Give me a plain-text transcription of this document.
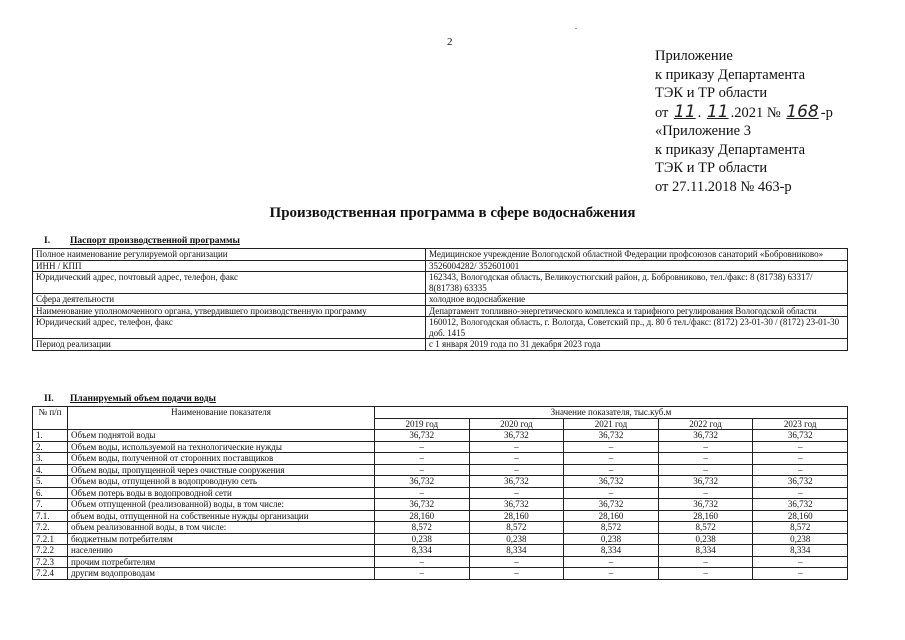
2
.
Приложение
к приказу Департамента
ТЭК и ТР области
от 11 . 11 .2021 № 168 -р
«Приложение 3
к приказу Департамента
ТЭК и ТР области
от 27.11.2018 № 463-р
Производственная программа в сфере водоснабжения
I. Паспорт производственной программы
Полное наименование регулируемой организации	Медицинское учреждение Вологодской областной Федерации профсоюзов санаторий «Бобровниково»
ИНН / КПП	3526004282/ 352601001
Юридический адрес, почтовый адрес, телефон, факс	162343, Вологодская область, Великоустюгский район, д. Бобровниково, тел./факс: 8 (81738) 63317/ 8(81738) 63335
Сфера деятельности	холодное водоснабжение
Наименование уполномоченного органа, утвердившего производственную программу	Департамент топливно-энергетического комплекса и тарифного регулирования Вологодской области
Юридический адрес, телефон, факс	160012, Вологодская область, г. Вологда, Советский пр., д. 80 б тел./факс: (8172) 23-01-30 / (8172) 23-01-30 доб. 1415
Период реализации	с 1 января 2019 года по 31 декабря 2023 года
II. Планируемый объем подачи воды
№ п/п	Наименование показателя	Значение показателя, тыс.куб.м				
		2019 год	2020 год	2021 год	2022 год	2023 год
1.	Объем поднятой воды	36,732	36,732	36,732	36,732	36,732
2.	Объем воды, используемой на технологические нужды	–	–	–	–	–
3.	Объем воды, полученной от сторонних поставщиков	–	–	–	–	–
4.	Объем воды, пропущенной через очистные сооружения	–	–	–	–	–
5.	Объем воды, отпущенной в водопроводную сеть	36,732	36,732	36,732	36,732	36,732
6.	Объем потерь воды в водопроводной сети	–	–	–	–	–
7.	Объем отпущенной (реализованной) воды, в том числе:	36,732	36,732	36,732	36,732	36,732
7.1.	объем воды, отпущенной на собственные нужды организации	28,160	28,160	28,160	28,160	28,160
7.2.	объем реализованной воды, в том числе:	8,572	8,572	8,572	8,572	8,572
7.2.1	бюджетным потребителям	0,238	0,238	0,238	0,238	0,238
7.2.2	населению	8,334	8,334	8,334	8,334	8,334
7.2.3	прочим потребителям	–	–	–	–	–
7.2.4	другим водопроводам	–	–	–	–	–
